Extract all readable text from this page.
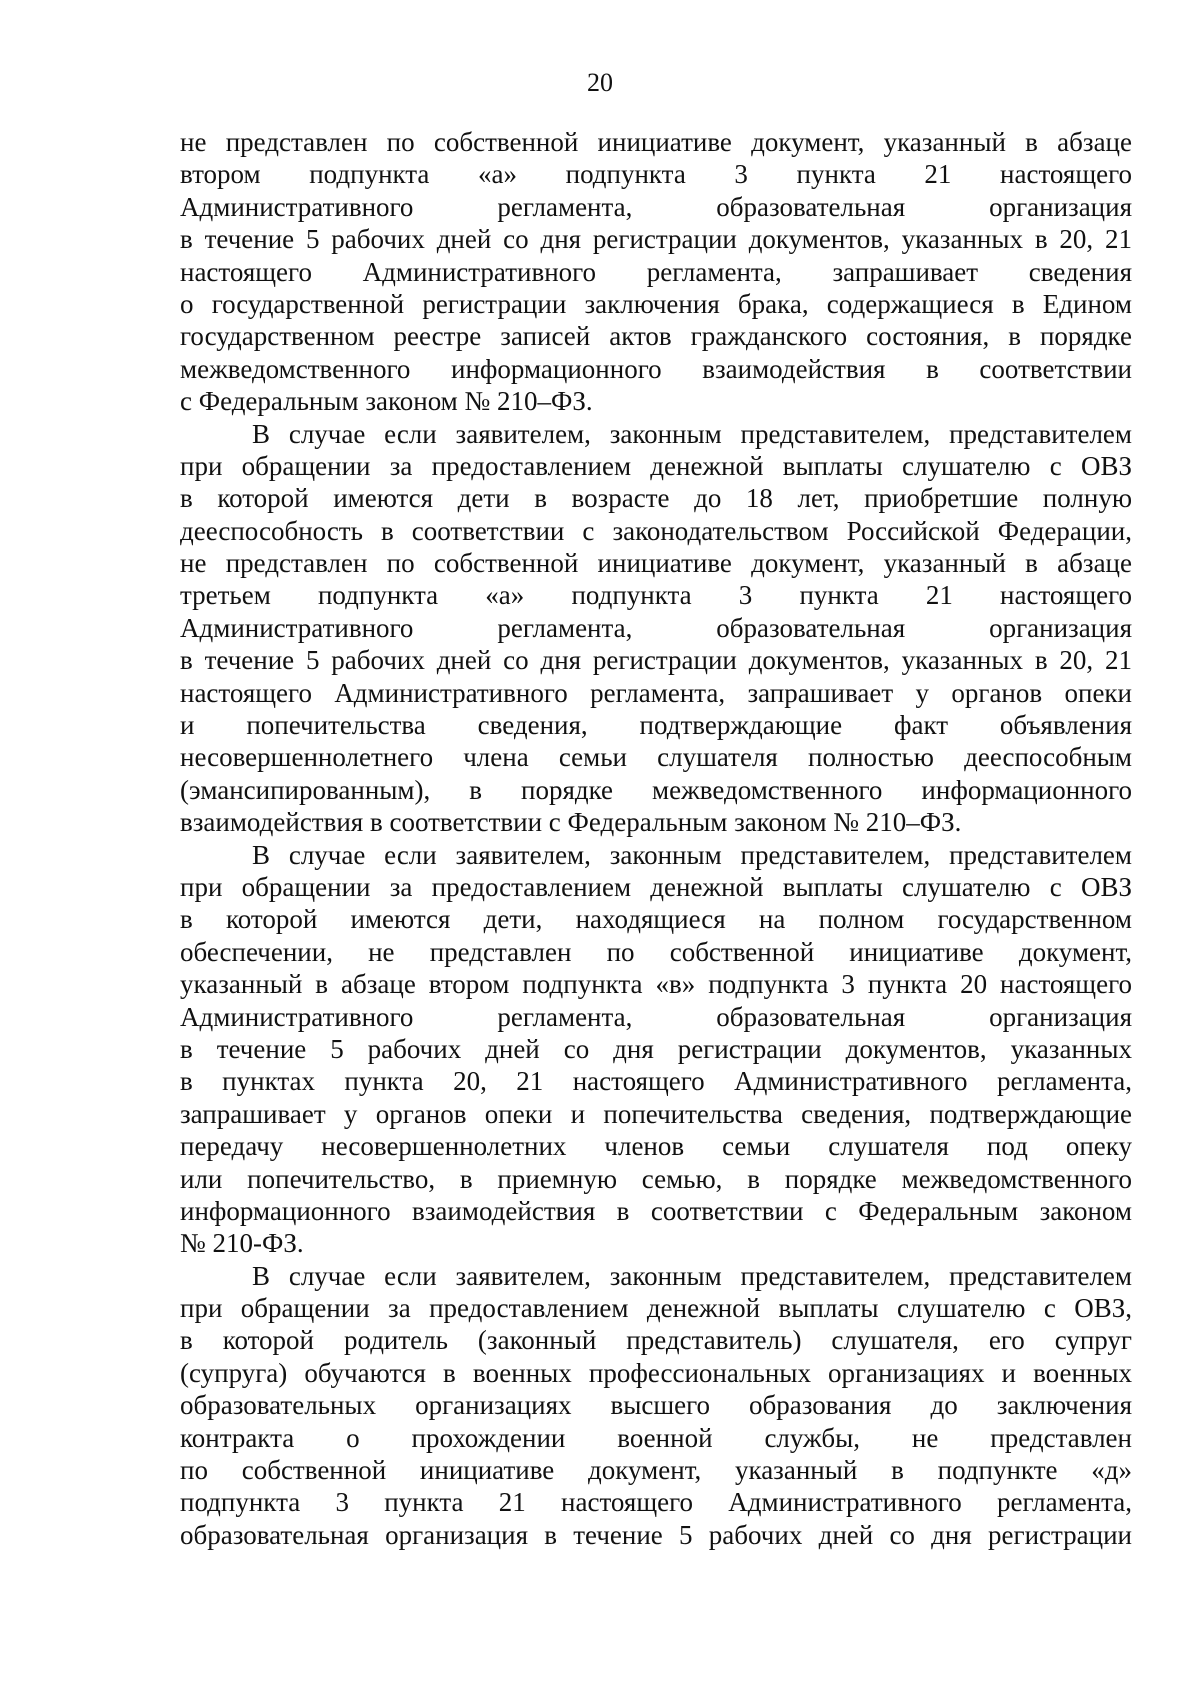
20
не представлен по собственной инициативе документ, указанный в абзаце
втором подпункта «а» подпункта 3 пункта 21 настоящего
Административного регламента, образовательная организация
в течение 5 рабочих дней со дня регистрации документов, указанных в 20, 21
настоящего Административного регламента, запрашивает сведения
о государственной регистрации заключения брака, содержащиеся в Едином
государственном реестре записей актов гражданского состояния, в порядке
межведомственного информационного взаимодействия в соответствии
с Федеральным законом № 210–ФЗ.
В случае если заявителем, законным представителем, представителем
при обращении за предоставлением денежной выплаты слушателю с ОВЗ
в которой имеются дети в возрасте до 18 лет, приобретшие полную
дееспособность в соответствии с законодательством Российской Федерации,
не представлен по собственной инициативе документ, указанный в абзаце
третьем подпункта «а» подпункта 3 пункта 21 настоящего
Административного регламента, образовательная организация
в течение 5 рабочих дней со дня регистрации документов, указанных в 20, 21
настоящего Административного регламента, запрашивает у органов опеки
и попечительства сведения, подтверждающие факт объявления
несовершеннолетнего члена семьи слушателя полностью дееспособным
(эмансипированным), в порядке межведомственного информационного
взаимодействия в соответствии с Федеральным законом № 210–ФЗ.
В случае если заявителем, законным представителем, представителем
при обращении за предоставлением денежной выплаты слушателю с ОВЗ
в которой имеются дети, находящиеся на полном государственном
обеспечении, не представлен по собственной инициативе документ,
указанный в абзаце втором подпункта «в» подпункта 3 пункта 20 настоящего
Административного регламента, образовательная организация
в течение 5 рабочих дней со дня регистрации документов, указанных
в пунктах пункта 20, 21 настоящего Административного регламента,
запрашивает у органов опеки и попечительства сведения, подтверждающие
передачу несовершеннолетних членов семьи слушателя под опеку
или попечительство, в приемную семью, в порядке межведомственного
информационного взаимодействия в соответствии с Федеральным законом
№ 210-ФЗ.
В случае если заявителем, законным представителем, представителем
при обращении за предоставлением денежной выплаты слушателю с ОВЗ,
в которой родитель (законный представитель) слушателя, его супруг
(супруга) обучаются в военных профессиональных организациях и военных
образовательных организациях высшего образования до заключения
контракта о прохождении военной службы, не представлен
по собственной инициативе документ, указанный в подпункте «д»
подпункта 3 пункта 21 настоящего Административного регламента,
образовательная организация в течение 5 рабочих дней со дня регистрации
